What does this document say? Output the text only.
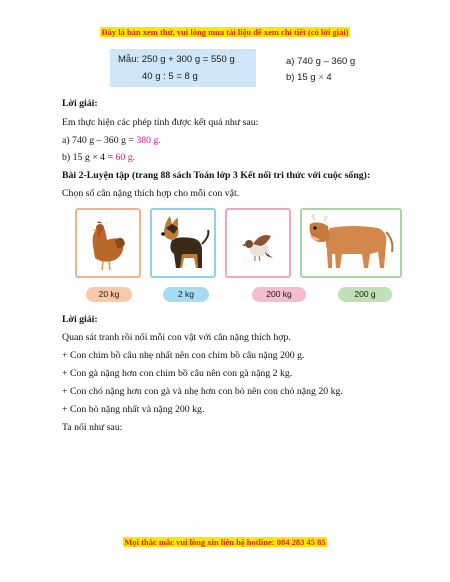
Đây là bản xem thử, vui lòng mua tài liệu để xem chi tiết (có lời giải)
Mẫu: 250 g + 300 g = 550 g
40 g : 5 = 8 g
a) 740 g – 360 g
b) 15 g × 4
Lời giải:
Em thực hiện các phép tính được kết quả như sau:
a) 740 g – 360 g = 380 g.
b) 15 g × 4 = 60 g.
Bài 2-Luyện tập (trang 88 sách Toán lớp 3 Kết nối tri thức với cuộc sống):
Chọn số cân nặng thích hợp cho mỗi con vật.
20 kg	2 kg	200 kg	200 g
Lời giải:
Quan sát tranh rồi nối mỗi con vật với cân nặng thích hợp.
+ Con chim bồ câu nhẹ nhất nên con chim bồ câu nặng 200 g.
+ Con gà nặng hơn con chim bồ câu nên con gà nặng 2 kg.
+ Con chó nặng hơn con gà và nhẹ hơn con bò nên con chó nặng 20 kg.
+ Con bò nặng nhất và nặng 200 kg.
Ta nối như sau:
Mọi thắc mắc vui lòng xin liên hệ hotline: 084 283 45 85
